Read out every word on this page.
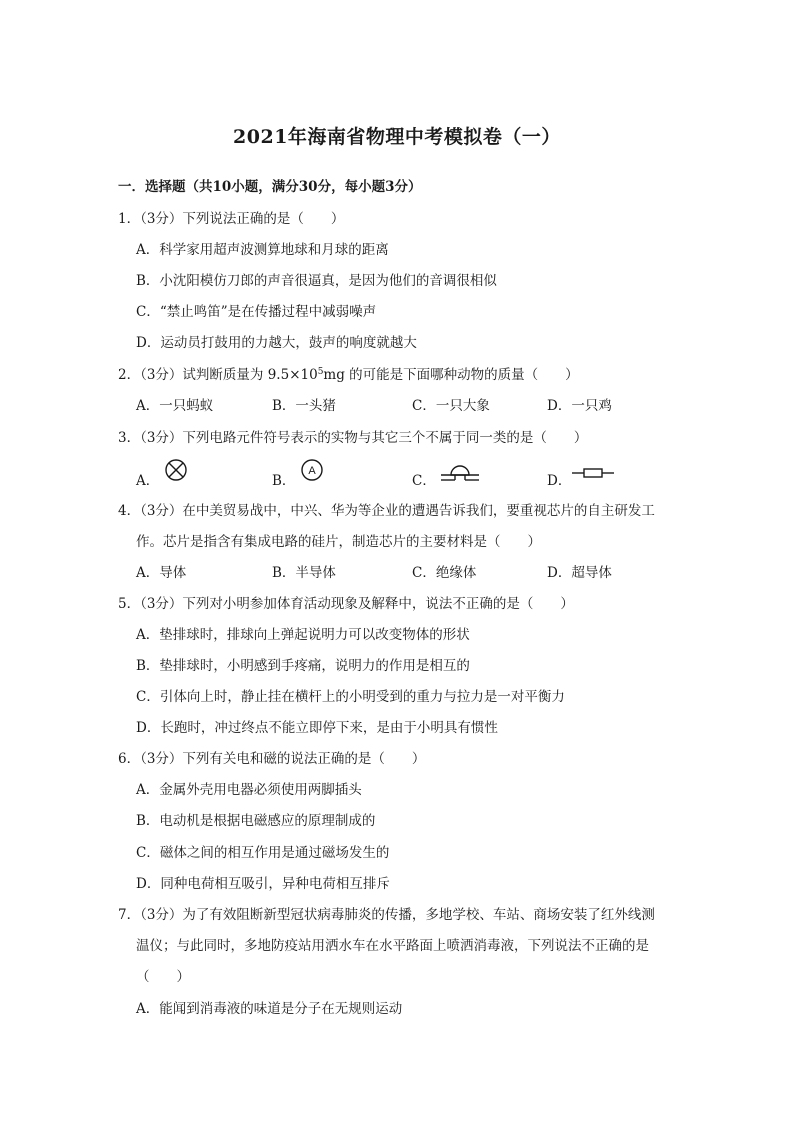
2021年海南省物理中考模拟卷（一）
一．选择题（共10小题，满分30分，每小题3分）
1．（3分）下列说法正确的是（　　）
A．科学家用超声波测算地球和月球的距离
B．小沈阳模仿刀郎的声音很逼真，是因为他们的音调很相似
C．“禁止鸣笛”是在传播过程中减弱噪声
D．运动员打鼓用的力越大，鼓声的响度就越大
2．（3分）试判断质量为 $9.5\times 10^5mg$ 的可能是下面哪种动物的质量（　　）
A．一只蚂蚁	B．一头猪	C．一只大象	D．一只鸡
3．（3分）下列电路元件符号表示的实物与其它三个不属于同一类的是（　　）
A．	B．
A
C．	D．
4．（3分）在中美贸易战中，中兴、华为等企业的遭遇告诉我们，要重视芯片的自主研发工
作。芯片是指含有集成电路的硅片，制造芯片的主要材料是（　　）
A．导体	B．半导体	C．绝缘体	D．超导体
5．（3分）下列对小明参加体育活动现象及解释中，说法不正确的是（　　）
A．垫排球时，排球向上弹起说明力可以改变物体的形状
B．垫排球时，小明感到手疼痛，说明力的作用是相互的
C．引体向上时，静止挂在横杆上的小明受到的重力与拉力是一对平衡力
D．长跑时，冲过终点不能立即停下来，是由于小明具有惯性
6．（3分）下列有关电和磁的说法正确的是（　　）
A．金属外壳用电器必须使用两脚插头
B．电动机是根据电磁感应的原理制成的
C．磁体之间的相互作用是通过磁场发生的
D．同种电荷相互吸引，异种电荷相互排斥
7．（3分）为了有效阻断新型冠状病毒肺炎的传播，多地学校、车站、商场安装了红外线测
温仪；与此同时，多地防疫站用洒水车在水平路面上喷洒消毒液，下列说法不正确的是
（　　）
A．能闻到消毒液的味道是分子在无规则运动
